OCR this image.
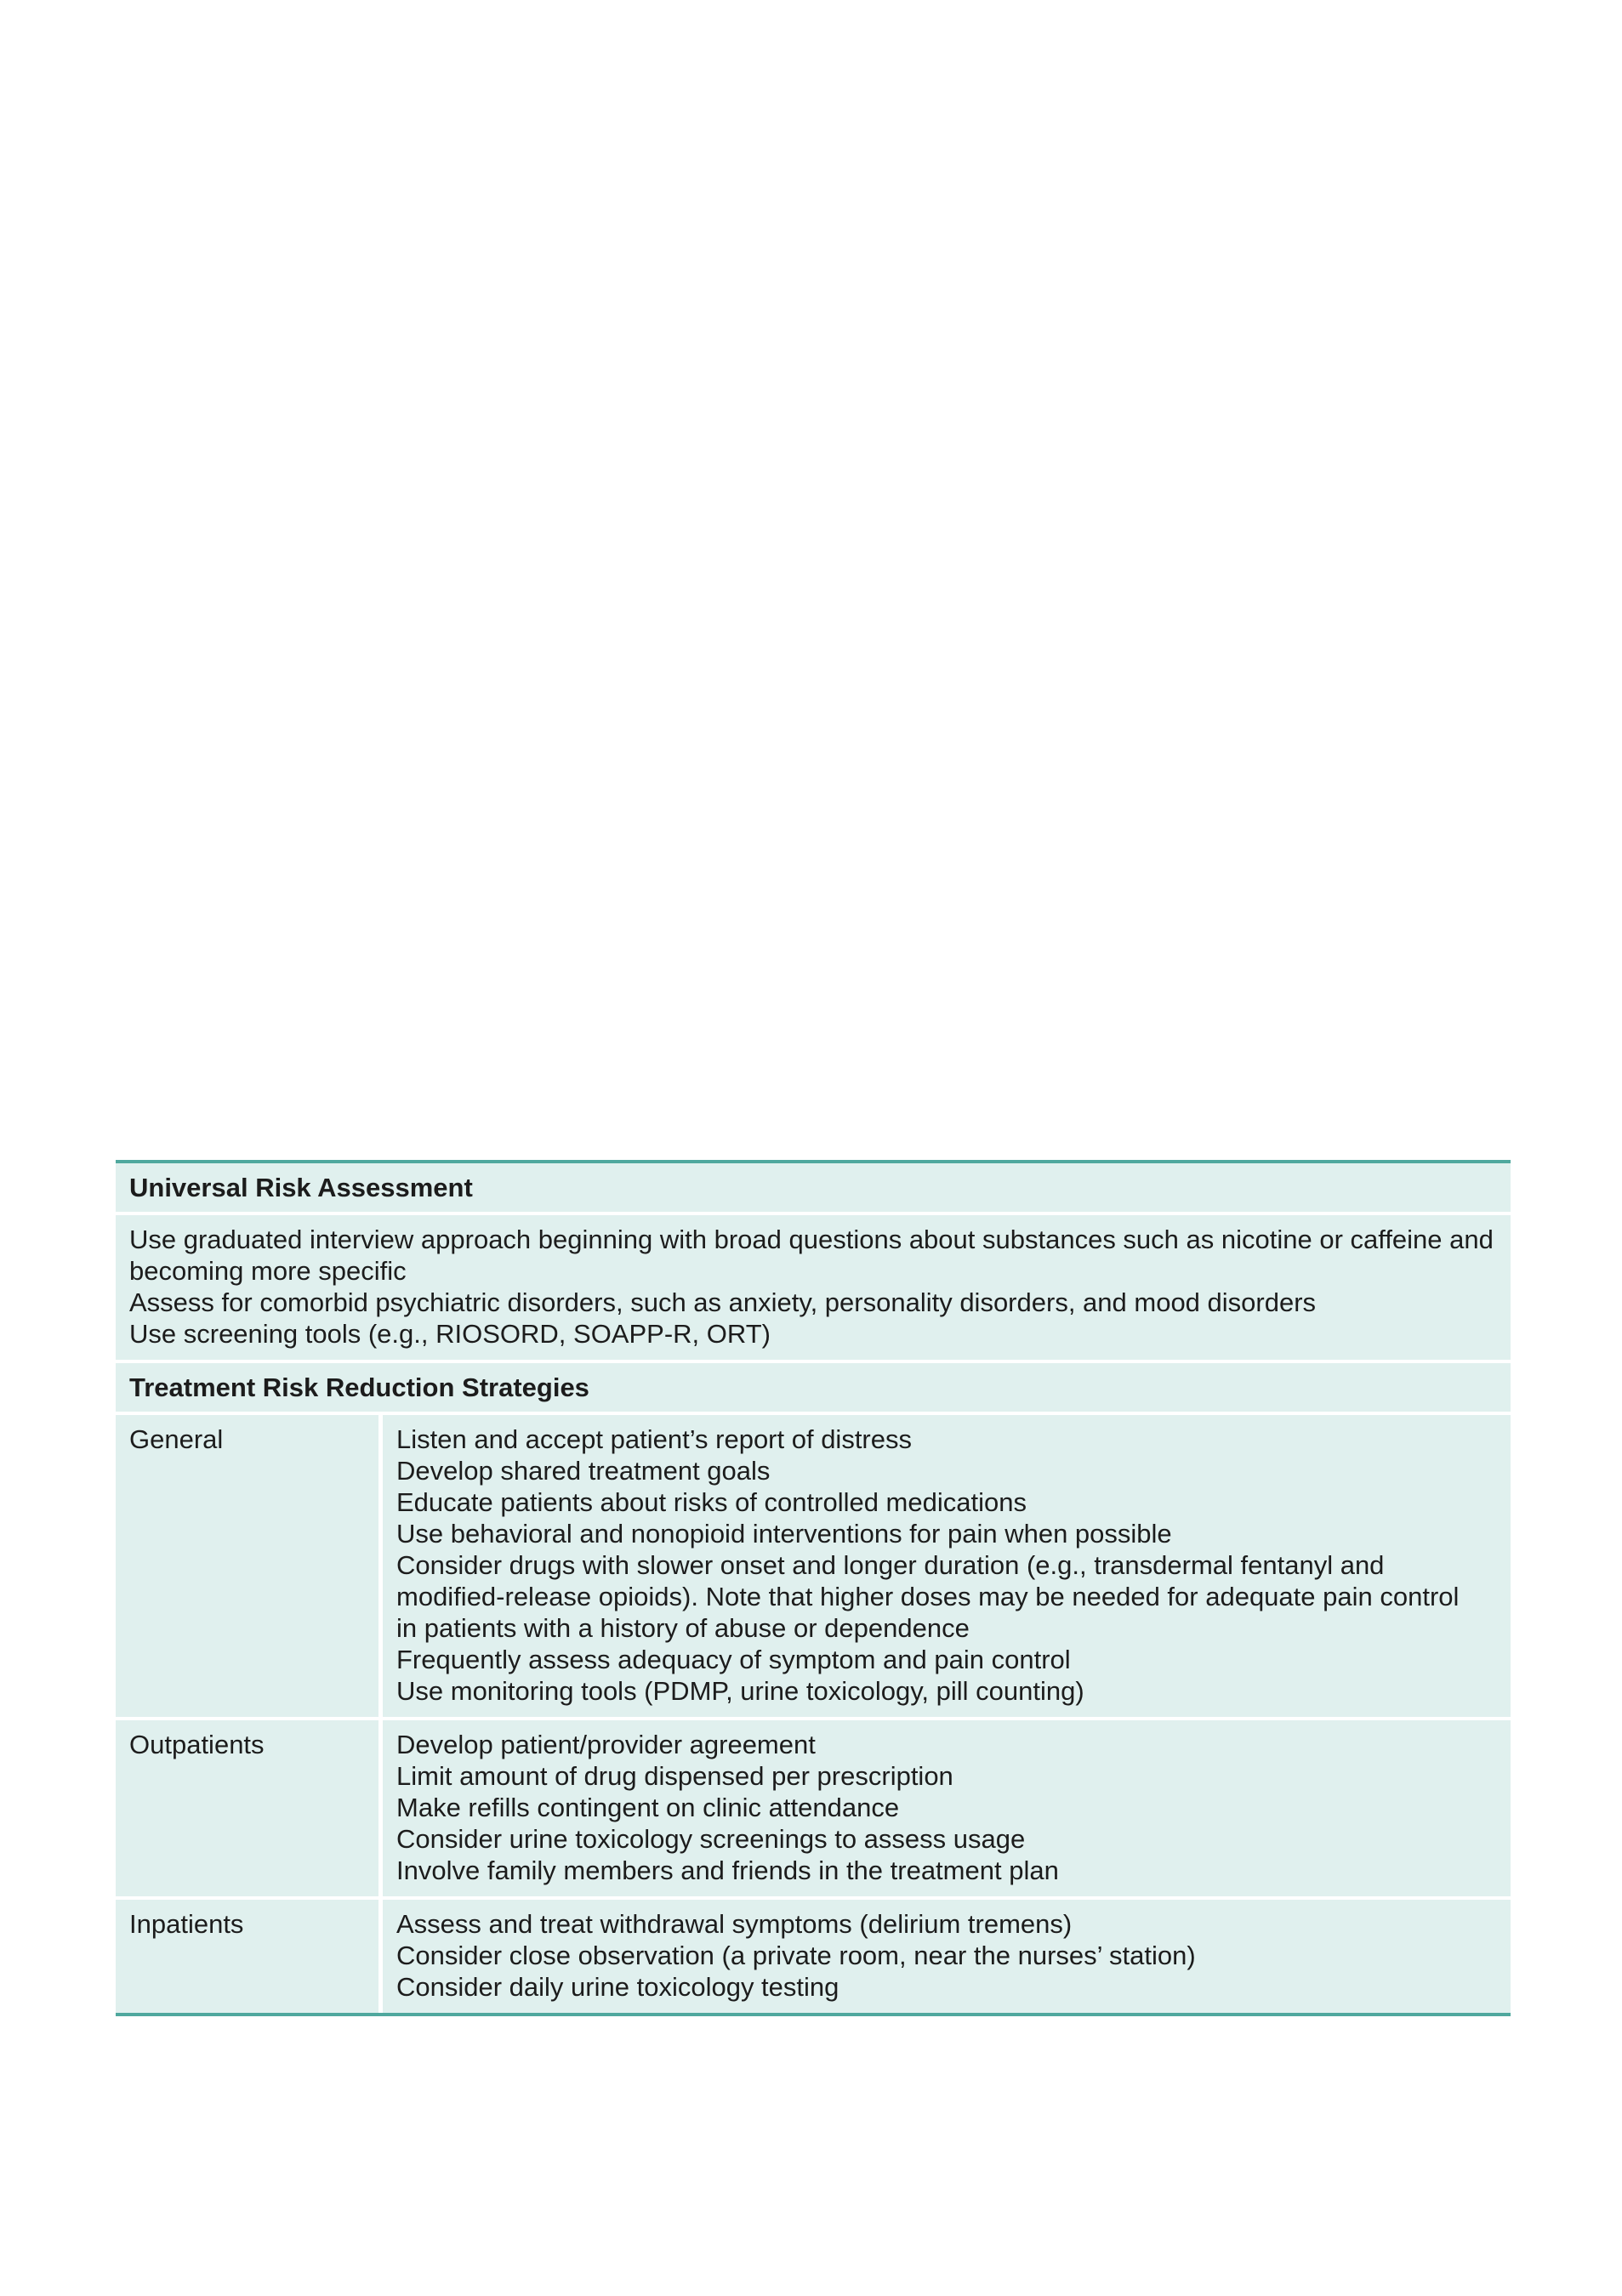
Universal Risk Assessment
Use graduated interview approach beginning with broad questions about substances such as nicotine or caffeine and becoming more specific
Assess for comorbid psychiatric disorders, such as anxiety, personality disorders, and mood disorders
Use screening tools (e.g., RIOSORD, SOAPP-R, ORT)
Treatment Risk Reduction Strategies
General	Listen and accept patient’s report of distress
Develop shared treatment goals
Educate patients about risks of controlled medications
Use behavioral and nonopioid interventions for pain when possible
Consider drugs with slower onset and longer duration (e.g., transdermal fentanyl and modified-release opioids). Note that higher doses may be needed for adequate pain control in patients with a history of abuse or dependence
Frequently assess adequacy of symptom and pain control
Use monitoring tools (PDMP, urine toxicology, pill counting)
Outpatients	Develop patient/provider agreement
Limit amount of drug dispensed per prescription
Make refills contingent on clinic attendance
Consider urine toxicology screenings to assess usage
Involve family members and friends in the treatment plan
Inpatients	Assess and treat withdrawal symptoms (delirium tremens)
Consider close observation (a private room, near the nurses’ station)
Consider daily urine toxicology testing
